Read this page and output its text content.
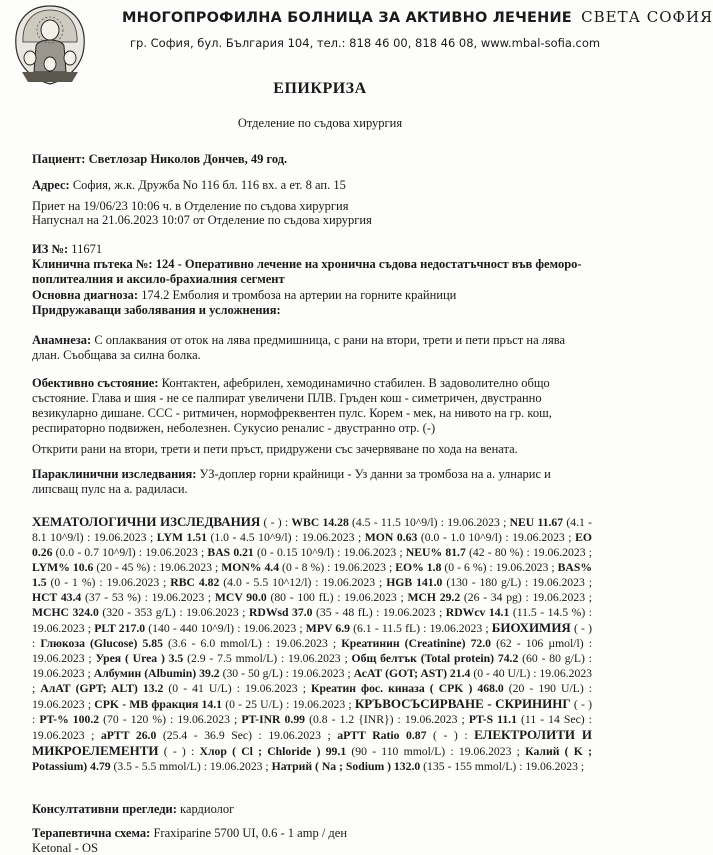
МНОГОПРОФИЛНА БОЛНИЦА ЗА АКТИВНО ЛЕЧЕНИЕ СВЕТА СОФИЯ
гр. София, бул. България 104, тел.: 818 46 00, 818 46 08, www.mbal-sofia.com
ЕПИКРИЗА
Отделение по съдова хирургия
Пациент: Светлозар Николов Дончев, 49 год.
Адрес: София, ж.к. Дружба No 116 бл. 116 вх. а ет. 8 ап. 15
Приет на 19/06/23 10:06 ч. в Отделение по съдова хирургия
Напуснал на 21.06.2023 10:07 от Отделение по съдова хирургия
ИЗ №: 11671
Клинична пътека №: 124 - Оперативно лечение на хронична съдова недостатъчност във феморо-поплитеалния и аксило-брахиалния сегмент
Основна диагноза: 174.2 Емболия и тромбоза на артерии на горните крайници
Придружаващи заболявания и усложнения:
Анамнеза: С оплаквания от оток на лява предмишница, с рани на втори, трети и пети пръст на лява длан. Съобщава за силна болка.
Обективно състояние: Контактен, афебрилен, хемодинамично стабилен. В задоволително общо състояние. Глава и шия - не се палпират увеличени ПЛВ. Гръден кош - симетричен, двустранно везикуларно дишане. ССС - ритмичен, нормофреквентен пулс. Корем - мек, на нивото на гр. кош, респираторно подвижен, неболезнен. Сукусио реналис - двустранно отр. (-)
Открити рани на втори, трети и пети пръст, придружени със зачервяване по хода на вената.
Параклинични изследвания: УЗ-доплер горни крайници - Уз данни за тромбоза на а. улнарис и липсващ пулс на а. радиласи.
ХЕМАТОЛОГИЧНИ ИЗСЛЕДВАНИЯ ( - ) : WBC 14.28 (4.5 - 11.5 10^9/l) : 19.06.2023 ; NEU 11.67 (4.1 - 8.1 10^9/l) : 19.06.2023 ; LYM 1.51 (1.0 - 4.5 10^9/l) : 19.06.2023 ; MON 0.63 (0.0 - 1.0 10^9/l) : 19.06.2023 ; EO 0.26 (0.0 - 0.7 10^9/l) : 19.06.2023 ; BAS 0.21 (0 - 0.15 10^9/l) : 19.06.2023 ; NEU% 81.7 (42 - 80 %) : 19.06.2023 ; LYM% 10.6 (20 - 45 %) : 19.06.2023 ; MON% 4.4 (0 - 8 %) : 19.06.2023 ; EO% 1.8 (0 - 6 %) : 19.06.2023 ; BAS% 1.5 (0 - 1 %) : 19.06.2023 ; RBC 4.82 (4.0 - 5.5 10^12/l) : 19.06.2023 ; HGB 141.0 (130 - 180 g/L) : 19.06.2023 ; HCT 43.4 (37 - 53 %) : 19.06.2023 ; MCV 90.0 (80 - 100 fL) : 19.06.2023 ; MCH 29.2 (26 - 34 pg) : 19.06.2023 ; MCHC 324.0 (320 - 353 g/L) : 19.06.2023 ; RDWsd 37.0 (35 - 48 fL) : 19.06.2023 ; RDWcv 14.1 (11.5 - 14.5 %) : 19.06.2023 ; PLT 217.0 (140 - 440 10^9/l) : 19.06.2023 ; MPV 6.9 (6.1 - 11.5 fL) : 19.06.2023 ; БИОХИМИЯ ( - ) : Глюкоза (Glucose) 5.85 (3.6 - 6.0 mmol/L) : 19.06.2023 ; Креатинин (Creatinine) 72.0 (62 - 106 µmol/l) : 19.06.2023 ; Урея ( Urea ) 3.5 (2.9 - 7.5 mmol/L) : 19.06.2023 ; Общ белтък (Total protein) 74.2 (60 - 80 g/L) : 19.06.2023 ; Албумин (Albumin) 39.2 (30 - 50 g/L) : 19.06.2023 ; АсАТ (GOT; AST) 21.4 (0 - 40 U/L) : 19.06.2023 ; АлАТ (GPT; ALT) 13.2 (0 - 41 U/L) : 19.06.2023 ; Креатин фос. киназа ( CPK ) 468.0 (20 - 190 U/L) : 19.06.2023 ; CPK - MB фракция 14.1 (0 - 25 U/L) : 19.06.2023 ; КРЪВОСЪСИРВАНЕ - СКРИНИНГ ( - ) : PT-% 100.2 (70 - 120 %) : 19.06.2023 ; PT-INR 0.99 (0.8 - 1.2 {INR}) : 19.06.2023 ; PT-S 11.1 (11 - 14 Sec) : 19.06.2023 ; aPTT 26.0 (25.4 - 36.9 Sec) : 19.06.2023 ; aPTT Ratio 0.87 ( - ) : ЕЛЕКТРОЛИТИ И МИКРОЕЛЕМЕНТИ ( - ) : Хлор ( Cl ; Chloride ) 99.1 (90 - 110 mmol/L) : 19.06.2023 ; Калий ( K ; Potassium) 4.79 (3.5 - 5.5 mmol/L) : 19.06.2023 ; Натрий ( Na ; Sodium ) 132.0 (135 - 155 mmol/L) : 19.06.2023 ;
Консултативни прегледи: кардиолог
Терапевтична схема: Fraxiparine 5700 UI, 0.6 - 1 amp / ден
Ketonal - OS
